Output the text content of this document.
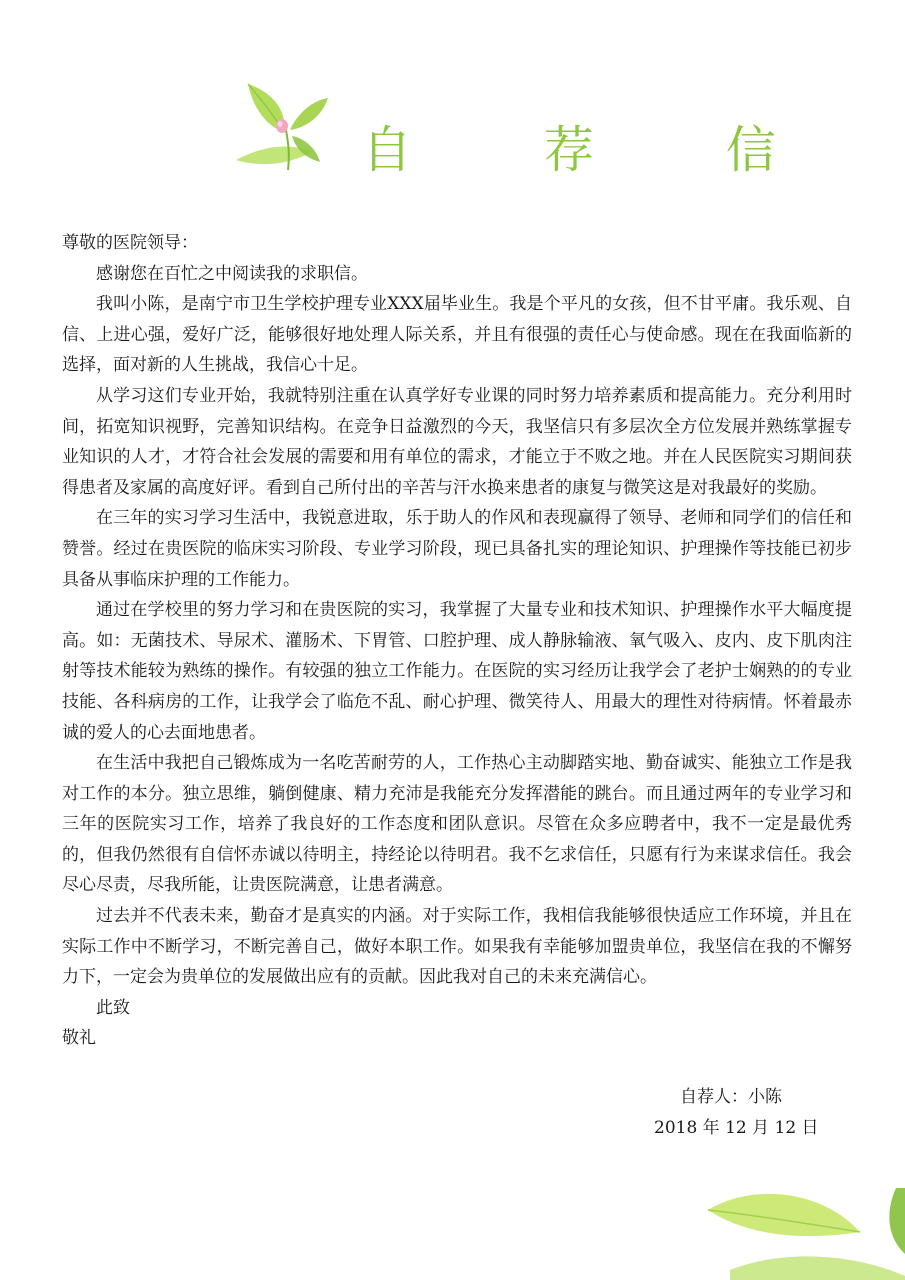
自 荐 信

尊敬的医院领导：

感谢您在百忙之中阅读我的求职信。

我叫小陈，是南宁市卫生学校护理专业XXX届毕业生。我是个平凡的女孩，但不甘平庸。我乐观、自信、上进心强，爱好广泛，能够很好地处理人际关系，并且有很强的责任心与使命感。现在在我面临新的选择，面对新的人生挑战，我信心十足。

从学习这们专业开始，我就特别注重在认真学好专业课的同时努力培养素质和提高能力。充分利用时间，拓宽知识视野，完善知识结构。在竞争日益激烈的今天，我坚信只有多层次全方位发展并熟练掌握专业知识的人才，才符合社会发展的需要和用有单位的需求，才能立于不败之地。并在人民医院实习期间获得患者及家属的高度好评。看到自己所付出的辛苦与汗水换来患者的康复与微笑这是对我最好的奖励。

在三年的实习学习生活中，我锐意进取，乐于助人的作风和表现赢得了领导、老师和同学们的信任和赞誉。经过在贵医院的临床实习阶段、专业学习阶段，现已具备扎实的理论知识、护理操作等技能已初步具备从事临床护理的工作能力。

通过在学校里的努力学习和在贵医院的实习，我掌握了大量专业和技术知识、护理操作水平大幅度提高。如：无菌技术、导尿术、灌肠术、下胃管、口腔护理、成人静脉输液、氧气吸入、皮内、皮下肌肉注射等技术能较为熟练的操作。有较强的独立工作能力。在医院的实习经历让我学会了老护士娴熟的的专业技能、各科病房的工作，让我学会了临危不乱、耐心护理、微笑待人、用最大的理性对待病情。怀着最赤诚的爱人的心去面地患者。

在生活中我把自己锻炼成为一名吃苦耐劳的人，工作热心主动脚踏实地、勤奋诚实、能独立工作是我对工作的本分。独立思维，躺倒健康、精力充沛是我能充分发挥潜能的跳台。而且通过两年的专业学习和三年的医院实习工作，培养了我良好的工作态度和团队意识。尽管在众多应聘者中，我不一定是最优秀的，但我仍然很有自信怀赤诚以待明主，持经论以待明君。我不乞求信任，只愿有行为来谋求信任。我会尽心尽责，尽我所能，让贵医院满意，让患者满意。

过去并不代表未来，勤奋才是真实的内涵。对于实际工作，我相信我能够很快适应工作环境，并且在实际工作中不断学习，不断完善自己，做好本职工作。如果我有幸能够加盟贵单位，我坚信在我的不懈努力下，一定会为贵单位的发展做出应有的贡献。因此我对自己的未来充满信心。

此致

敬礼

自荐人：小陈
2018 年 12 月 12 日
